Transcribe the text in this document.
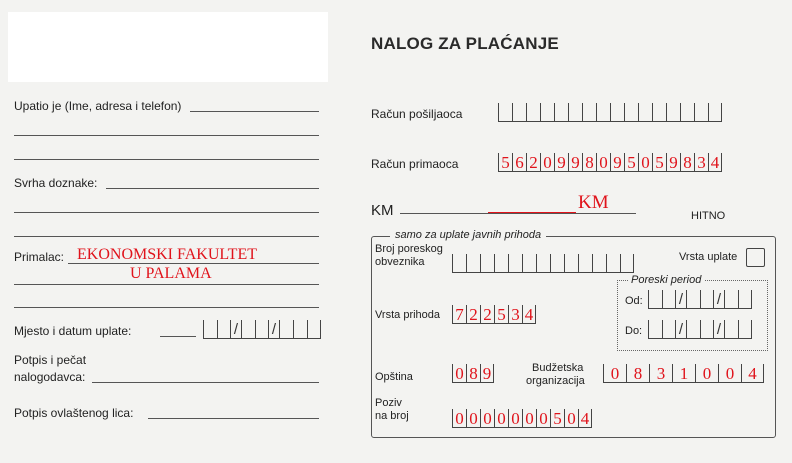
NALOG ZA PLAĆANJE
Upatio je (Ime, adresa i telefon)
Svrha doznake:
Primalac: EKONOMSKI FAKULTET
U PALAMA
Mjesto i datum uplate:	/ /
Potpis i pečat
nalogodavca:
Potpis ovlaštenog lica:
Račun pošiljaoca
Račun primaoca	5 6 2 0 9 9 8 0 9 5 0 5 9 8 3 4
KM	KM
HITNO
samo za uplate javnih prihoda
Broj poreskog
obveznika	Vrsta uplate
Poreski period
Od: / /
Do: / /
Vrsta prihoda 7 2 2 5 3 4
Opština 0 8 9	Budžetska
organizacija	0 8 3 1 0 0 4
Poziv
na broj	0 0 0 0 0 0 0 5 0 4
